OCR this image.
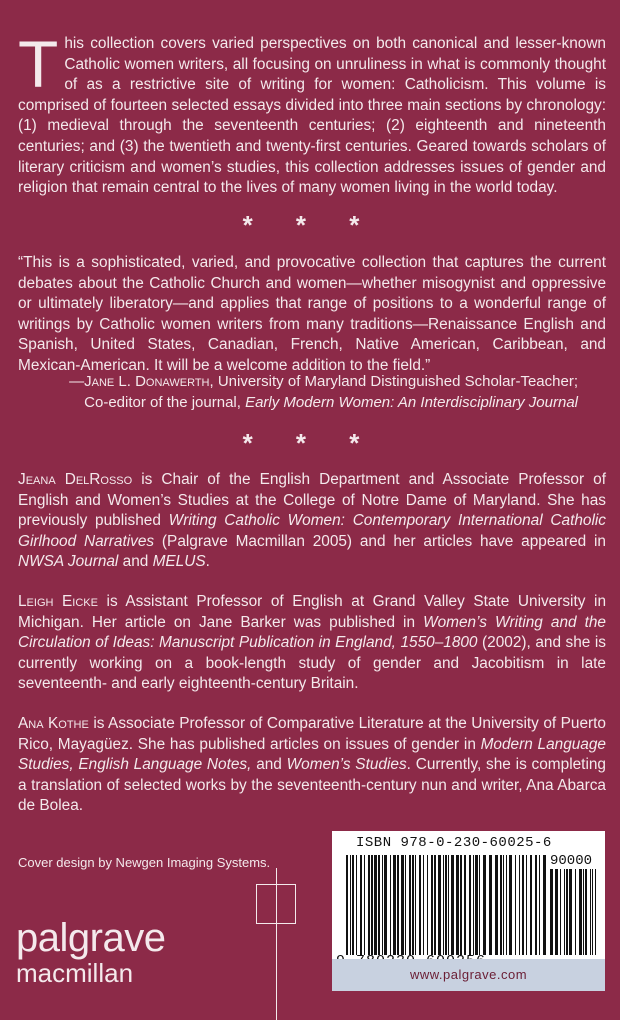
This collection covers varied perspectives on both canonical and lesser-known Catholic women writers, all focusing on unruliness in what is commonly thought of as a restrictive site of writing for women: Catholicism. This volume is comprised of fourteen selected essays divided into three main sections by chronology: (1) medieval through the seventeenth centuries; (2) eighteenth and nineteenth centuries; and (3) the twentieth and twenty-first centuries. Geared towards scholars of literary criticism and women’s studies, this collection addresses issues of gender and religion that remain central to the lives of many women living in the world today.
* * *
“This is a sophisticated, varied, and provocative collection that captures the current debates about the Catholic Church and women—whether misogynist and oppressive or ultimately liberatory—and applies that range of positions to a wonderful range of writings by Catholic women writers from many traditions—Renaissance English and Spanish, United States, Canadian, French, Native American, Caribbean, and Mexican-American. It will be a welcome addition to the field.”
—Jane L. Donawerth, University of Maryland Distinguished Scholar-Teacher;
Co-editor of the journal, Early Modern Women: An Interdisciplinary Journal
* * *
Jeana DelRosso is Chair of the English Department and Associate Professor of English and Women’s Studies at the College of Notre Dame of Maryland. She has previously published Writing Catholic Women: Contemporary International Catholic Girlhood Narratives (Palgrave Macmillan 2005) and her articles have appeared in NWSA Journal and MELUS.
Leigh Eicke is Assistant Professor of English at Grand Valley State University in Michigan. Her article on Jane Barker was published in Women’s Writing and the Circulation of Ideas: Manuscript Publication in England, 1550–1800 (2002), and she is currently working on a book-length study of gender and Jacobitism in late seventeenth- and early eighteenth-century Britain.
Ana Kothe is Associate Professor of Comparative Literature at the University of Puerto Rico, Mayagüez. She has published articles on issues of gender in Modern Language Studies, English Language Notes, and Women’s Studies. Currently, she is completing a translation of selected works by the seventeenth-century nun and writer, Ana Abarca de Bolea.
Cover design by Newgen Imaging Systems.
palgrave
macmillan
ISBN 978-0-230-60025-6
90000
www.palgrave.com
